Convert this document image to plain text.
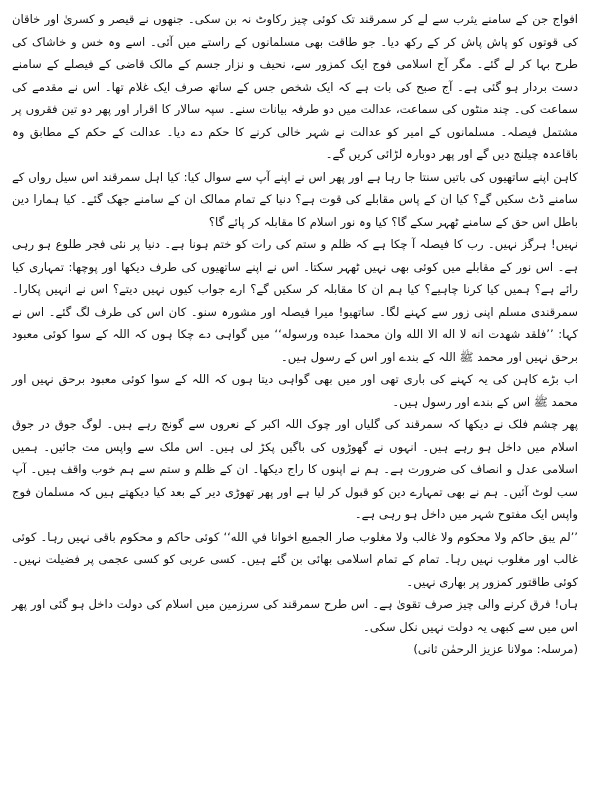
افواج جن کے سامنے یثرب سے لے کر سمرقند تک کوئی چیز رکاوٹ نہ بن سکی۔ جنھوں نے قیصر و کسریٰ اور خاقان کی قوتوں کو پاش پاش کر کے رکھ دیا۔ جو طاقت بھی مسلمانوں کے راستے میں آئی۔ اسے وہ خس و خاشاک کی طرح بہا کر لے گئے۔ مگر آج اسلامی فوج ایک کمزور سے، نحیف و نزار جسم کے مالک قاضی کے فیصلے کے سامنے دست بردار ہو گئی ہے۔ آج صبح کی بات ہے کہ ایک شخص جس کے ساتھ صرف ایک غلام تھا۔ اس نے مقدمے کی سماعت کی۔ چند منٹوں کی سماعت، عدالت میں دو طرفہ بیانات سنے۔ سپہ سالار کا اقرار اور پھر دو تین فقروں پر مشتمل فیصلہ۔ مسلمانوں کے امیر کو عدالت نے شہر خالی کرنے کا حکم دے دیا۔ عدالت کے حکم کے مطابق وہ باقاعدہ چیلنج دیں گے اور پھر دوبارہ لڑائی کریں گے۔

کاہن اپنے ساتھیوں کی باتیں سنتا جا رہا ہے اور پھر اس نے اپنے آپ سے سوال کیا: کیا اہل سمرقند اس سیل رواں کے سامنے ڈٹ سکیں گے؟ کیا ان کے پاس مقابلے کی قوت ہے؟ دنیا کے تمام ممالک ان کے سامنے جھک گئے۔ کیا ہمارا دین باطل اس حق کے سامنے ٹھہر سکے گا؟ کیا وہ نور اسلام کا مقابلہ کر پائے گا؟

نہیں! ہرگز نہیں۔ رب کا فیصلہ آ چکا ہے کہ ظلم و ستم کی رات کو ختم ہونا ہے۔ دنیا پر نئی فجر طلوع ہو رہی ہے۔ اس نور کے مقابلے میں کوئی بھی نہیں ٹھہر سکتا۔ اس نے اپنے ساتھیوں کی طرف دیکھا اور پوچھا: تمہاری کیا رائے ہے؟ ہمیں کیا کرنا چاہیے؟ کیا ہم ان کا مقابلہ کر سکیں گے؟ ارے جواب کیوں نہیں دیتے؟ اس نے انہیں پکارا۔ سمرقندی مسلم اپنی زور سے کہنے لگا۔ ساتھیو! میرا فیصلہ اور مشورہ سنو۔ کان اس کی طرف لگ گئے۔ اس نے کہا: ’’فلقد شهدت انه لا اله الا الله وان محمدا عبده ورسوله‘‘ میں گواہی دے چکا ہوں کہ اللہ کے سوا کوئی معبود برحق نہیں اور محمد ﷺ اللہ کے بندے اور اس کے رسول ہیں۔

اب بڑے کاہن کی یہ کہنے کی باری تھی اور میں بھی گواہی دیتا ہوں کہ اللہ کے سوا کوئی معبود برحق نہیں اور محمد ﷺ اس کے بندے اور رسول ہیں۔

پھر چشم فلک نے دیکھا کہ سمرقند کی گلیاں اور چوک اللہ اکبر کے نعروں سے گونج رہے ہیں۔ لوگ جوق در جوق اسلام میں داخل ہو رہے ہیں۔ انہوں نے گھوڑوں کی باگیں پکڑ لی ہیں۔ اس ملک سے واپس مت جائیں۔ ہمیں اسلامی عدل و انصاف کی ضرورت ہے۔ ہم نے اپنوں کا راج دیکھا۔ ان کے ظلم و ستم سے ہم خوب واقف ہیں۔ آپ سب لوٹ آئیں۔ ہم نے بھی تمہارے دین کو قبول کر لیا ہے اور پھر تھوڑی دیر کے بعد کیا دیکھتے ہیں کہ مسلمان فوج واپس ایک مفتوح شہر میں داخل ہو رہی ہے۔

’’لم يبق حاكم ولا محكوم ولا غالب ولا مغلوب صار الجميع اخوانا في الله‘‘ کوئی حاکم و محکوم باقی نہیں رہا۔ کوئی غالب اور مغلوب نہیں رہا۔ تمام کے تمام اسلامی بھائی بن گئے ہیں۔ کسی عربی کو کسی عجمی پر فضیلت نہیں۔ کوئی طاقتور کمزور پر بھاری نہیں۔

ہاں! فرق کرنے والی چیز صرف تقویٰ ہے۔ اس طرح سمرقند کی سرزمین میں اسلام کی دولت داخل ہو گئی اور پھر اس میں سے کبھی یہ دولت نہیں نکل سکی۔

(مرسلہ: مولانا عزیز الرحمٰن ثانی)
